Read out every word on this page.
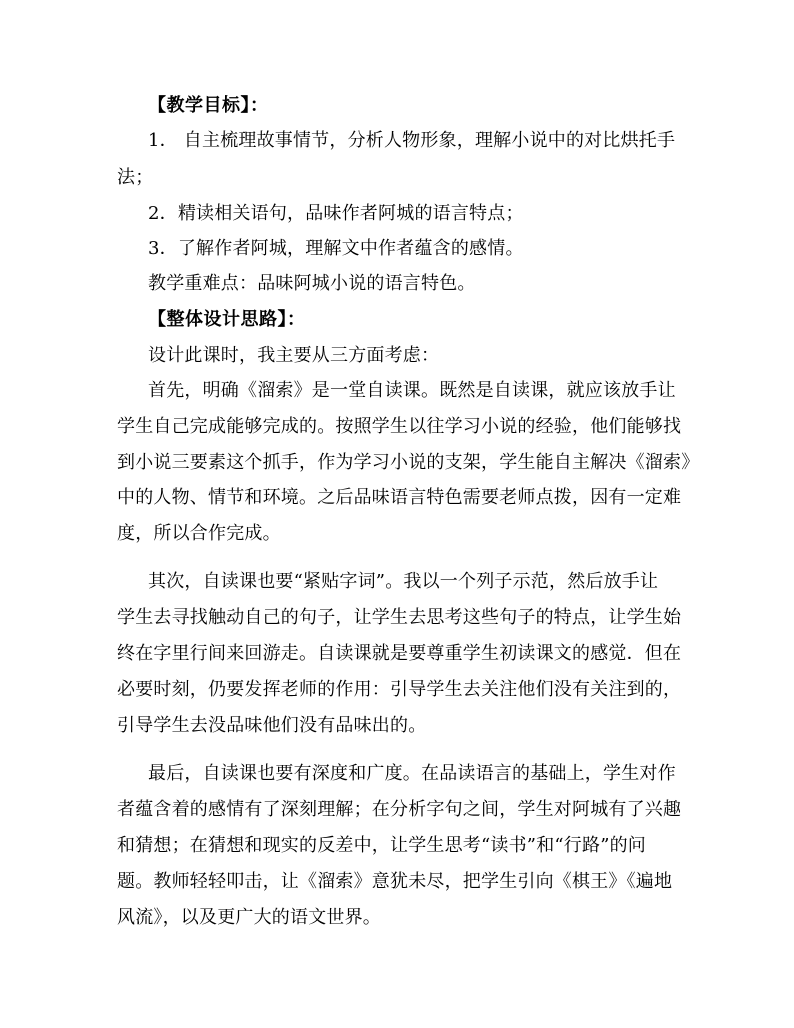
【教学目标】：
1． 自主梳理故事情节，分析人物形象，理解小说中的对比烘托手
法；
2．精读相关语句，品味作者阿城的语言特点；
3．了解作者阿城，理解文中作者蕴含的感情。
教学重难点：品味阿城小说的语言特色。
【整体设计思路】：
设计此课时，我主要从三方面考虑：
首先，明确《溜索》是一堂自读课。既然是自读课，就应该放手让
学生自己完成能够完成的。按照学生以往学习小说的经验，他们能够找
到小说三要素这个抓手，作为学习小说的支架，学生能自主解决《溜索》
中的人物、情节和环境。之后品味语言特色需要老师点拨，因有一定难
度，所以合作完成。
其次，自读课也要“紧贴字词”。我以一个列子示范，然后放手让
学生去寻找触动自己的句子，让学生去思考这些句子的特点，让学生始
终在字里行间来回游走。自读课就是要尊重学生初读课文的感觉．但在
必要时刻，仍要发挥老师的作用：引导学生去关注他们没有关注到的，
引导学生去没品味他们没有品味出的。
最后，自读课也要有深度和广度。在品读语言的基础上，学生对作
者蕴含着的感情有了深刻理解；在分析字句之间，学生对阿城有了兴趣
和猜想；在猜想和现实的反差中，让学生思考“读书”和“行路”的问
题。教师轻轻叩击，让《溜索》意犹未尽，把学生引向《棋王》《遍地
风流》，以及更广大的语文世界。
